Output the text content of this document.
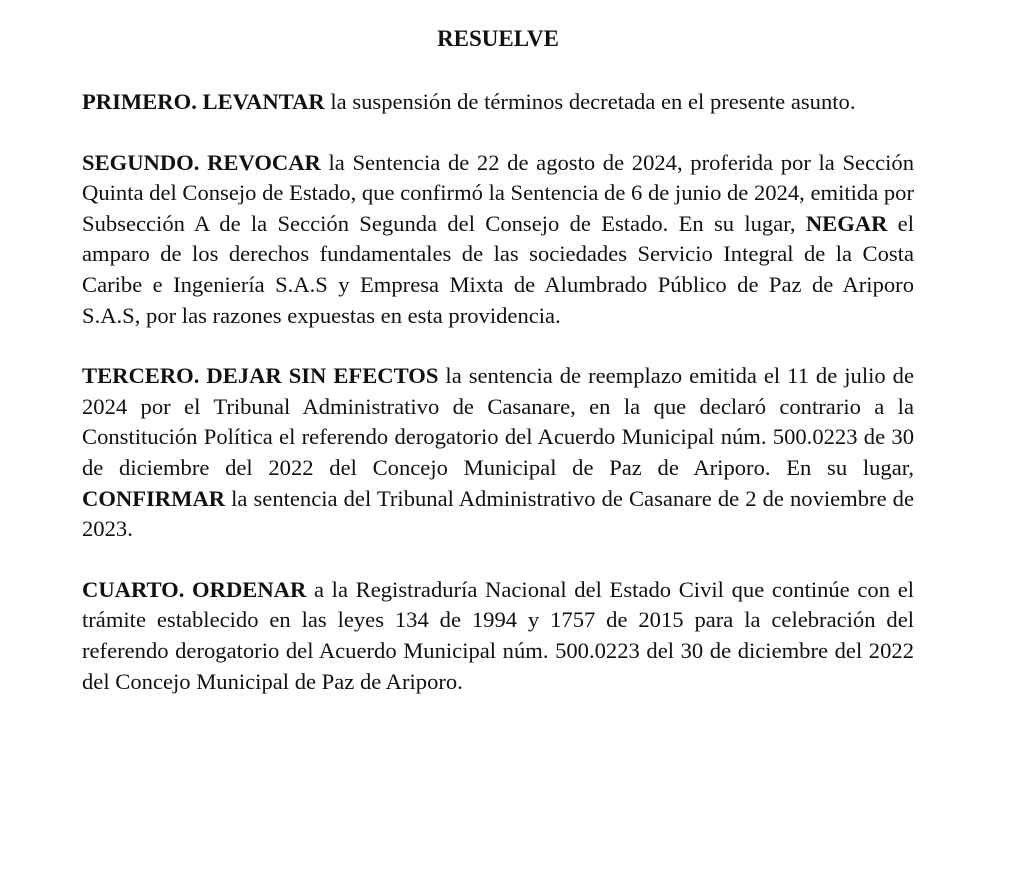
RESUELVE

PRIMERO. LEVANTAR la suspensión de términos decretada en el presente asunto.

SEGUNDO. REVOCAR la Sentencia de 22 de agosto de 2024, proferida por la Sección Quinta del Consejo de Estado, que confirmó la Sentencia de 6 de junio de 2024, emitida por Subsección A de la Sección Segunda del Consejo de Estado. En su lugar, NEGAR el amparo de los derechos fundamentales de las sociedades Servicio Integral de la Costa Caribe e Ingeniería S.A.S y Empresa Mixta de Alumbrado Público de Paz de Ariporo S.A.S, por las razones expuestas en esta providencia.

TERCERO. DEJAR SIN EFECTOS la sentencia de reemplazo emitida el 11 de julio de 2024 por el Tribunal Administrativo de Casanare, en la que declaró contrario a la Constitución Política el referendo derogatorio del Acuerdo Municipal núm. 500.0223 de 30 de diciembre del 2022 del Concejo Municipal de Paz de Ariporo. En su lugar, CONFIRMAR la sentencia del Tribunal Administrativo de Casanare de 2 de noviembre de 2023.

CUARTO. ORDENAR a la Registraduría Nacional del Estado Civil que continúe con el trámite establecido en las leyes 134 de 1994 y 1757 de 2015 para la celebración del referendo derogatorio del Acuerdo Municipal núm. 500.0223 del 30 de diciembre del 2022 del Concejo Municipal de Paz de Ariporo.
